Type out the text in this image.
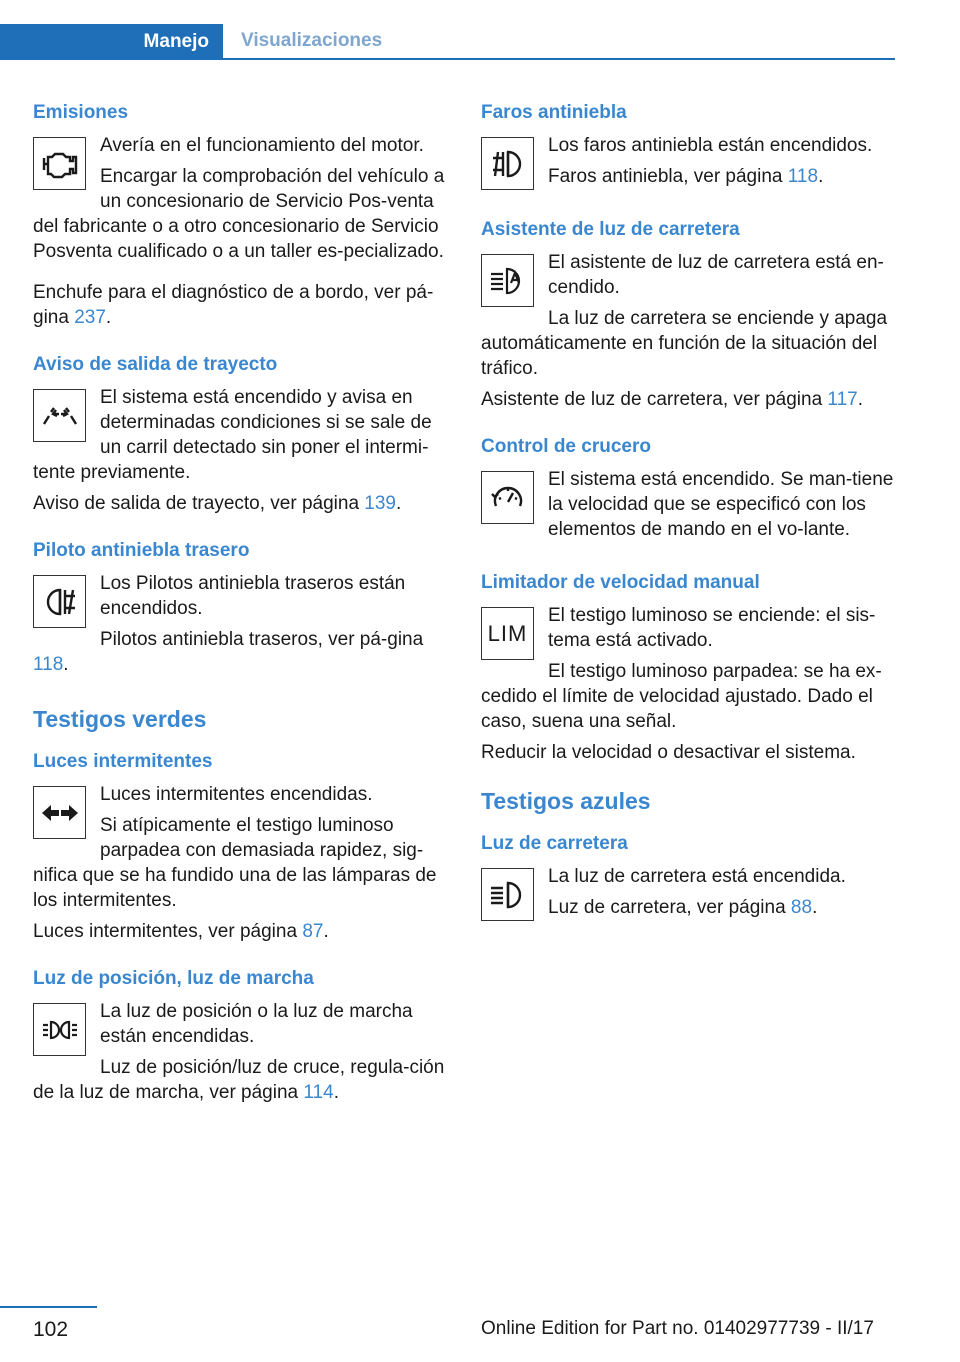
Manejo	Visualizaciones
Emisiones

Avería en el funcionamiento del motor.

Encargar la comprobación del vehículo a un concesionario de Servicio Pos-venta del fabricante o a otro concesionario de Servicio Posventa cualificado o a un taller es-pecializado.

Enchufe para el diagnóstico de a bordo, ver pá-gina 237.

Aviso de salida de trayecto

El sistema está encendido y avisa en determinadas condiciones si se sale de un carril detectado sin poner el intermi-tente previamente.

Aviso de salida de trayecto, ver página 139.

Piloto antiniebla trasero

Los Pilotos antiniebla traseros están encendidos.

Pilotos antiniebla traseros, ver pá-gina 118.

Testigos verdes
Luces intermitentes

Luces intermitentes encendidas.

Si atípicamente el testigo luminoso parpadea con demasiada rapidez, sig-nifica que se ha fundido una de las lámparas de los intermitentes.

Luces intermitentes, ver página 87.

Luz de posición, luz de marcha

La luz de posición o la luz de marcha están encendidas.

Luz de posición/luz de cruce, regula-ción de la luz de marcha, ver página 114.

Faros antiniebla

Los faros antiniebla están encendidos.

Faros antiniebla, ver página 118.

Asistente de luz de carretera

El asistente de luz de carretera está en-cendido.

La luz de carretera se enciende y apaga automáticamente en función de la situación del tráfico.

Asistente de luz de carretera, ver página 117.

Control de crucero

El sistema está encendido. Se man-tiene la velocidad que se especificó con los elementos de mando en el vo-lante.

Limitador de velocidad manual
LIM

El testigo luminoso se enciende: el sis-tema está activado.

El testigo luminoso parpadea: se ha ex-cedido el límite de velocidad ajustado. Dado el caso, suena una señal.

Reducir la velocidad o desactivar el sistema.

Testigos azules
Luz de carretera

La luz de carretera está encendida.

Luz de carretera, ver página 88.

102	Online Edition for Part no. 01402977739 - II/17
